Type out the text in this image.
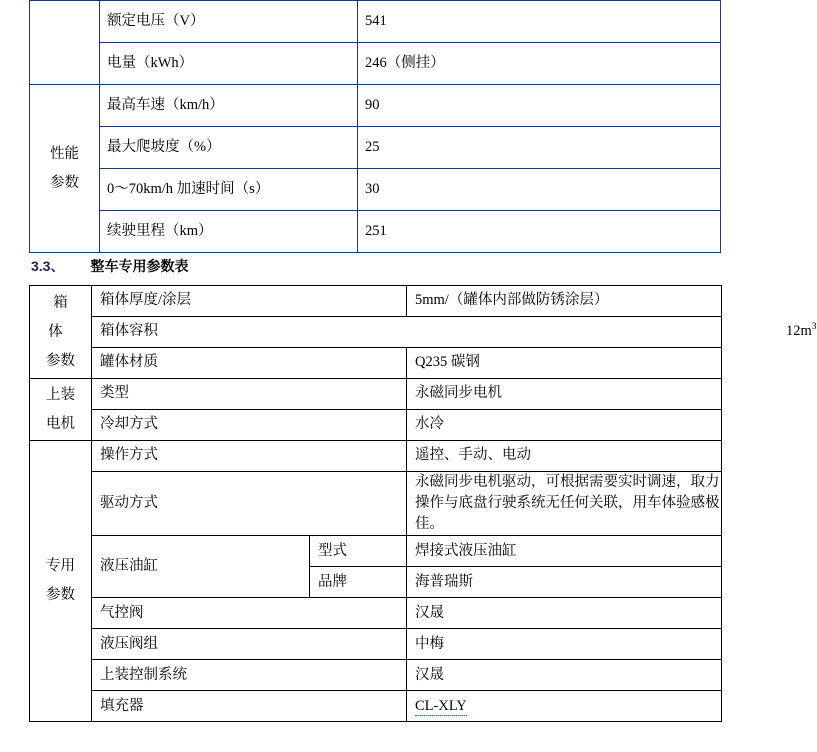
	额定电压（V）	541
	电量（kWh）	246（侧挂）

性能
参数	最高车速（km/h）	90
	最大爬坡度（%）	25
	0～70km/h 加速时间（s）	30
	续驶里程（km）	251
3.3、 整车专用参数表
箱 体
参数	箱体厚度/涂层		5mm/（罐体内部做防锈涂层）	
	箱体容积			$12m^3$

	罐体材质		Q235 碳钢	

上装
电机	类型		永磁同步电机	
	冷却方式		水冷	

专用
参数	操作方式		遥控、手动、电动	
	驱动方式		永磁同步电机驱动，可根据需要实时调速，取力操作与底盘行驶系统无任何关联，用车体验感极佳。	
	液压油缸	型式	焊接式液压油缸	
		品牌	海普瑞斯	
	气控阀		汉晟	
	液压阀组		中梅	
	上装控制系统		汉晟	
	填充器		CL-XLY	
